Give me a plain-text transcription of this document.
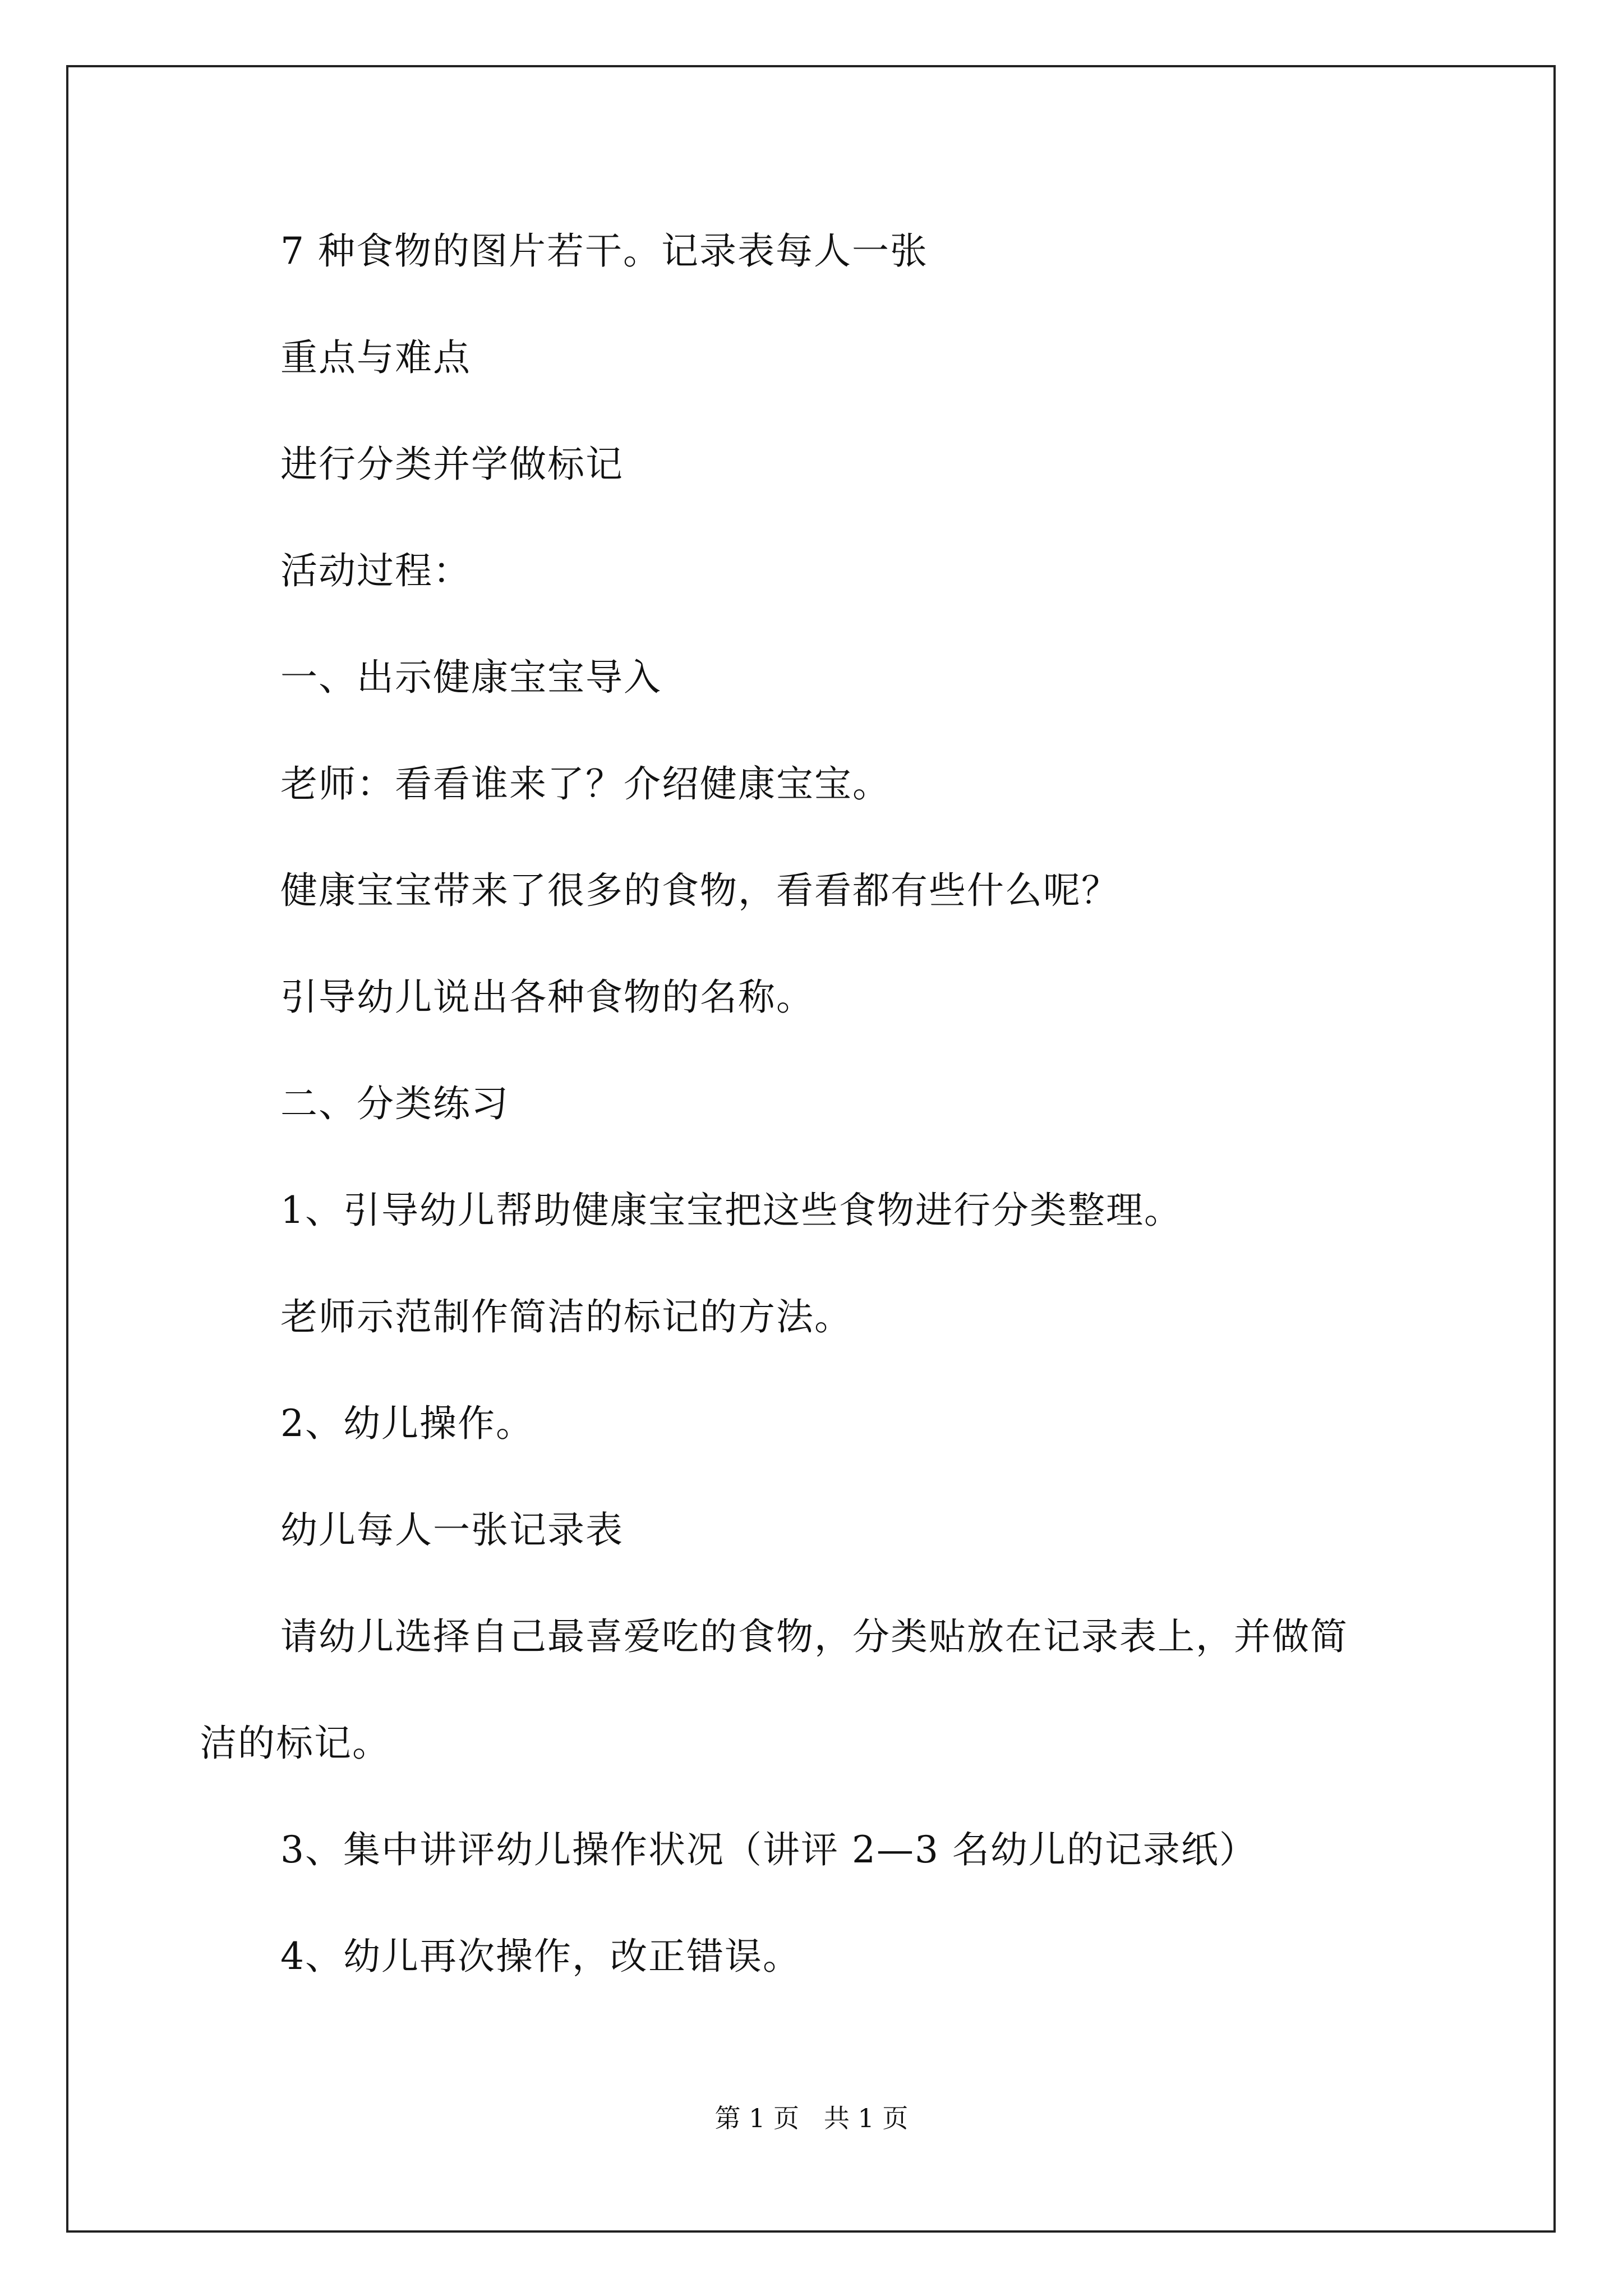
7 种食物的图片若干。记录表每人一张
重点与难点
进行分类并学做标记
活动过程：
一、出示健康宝宝导入
老师：看看谁来了？介绍健康宝宝。
健康宝宝带来了很多的食物，看看都有些什么呢？
引导幼儿说出各种食物的名称。
二、分类练习
1、引导幼儿帮助健康宝宝把这些食物进行分类整理。
老师示范制作简洁的标记的方法。
2、幼儿操作。
幼儿每人一张记录表
请幼儿选择自己最喜爱吃的食物，分类贴放在记录表上，并做简
洁的标记。
3、集中讲评幼儿操作状况（讲评 2—3 名幼儿的记录纸）
4、幼儿再次操作，改正错误。
第 1 页   共 1 页
